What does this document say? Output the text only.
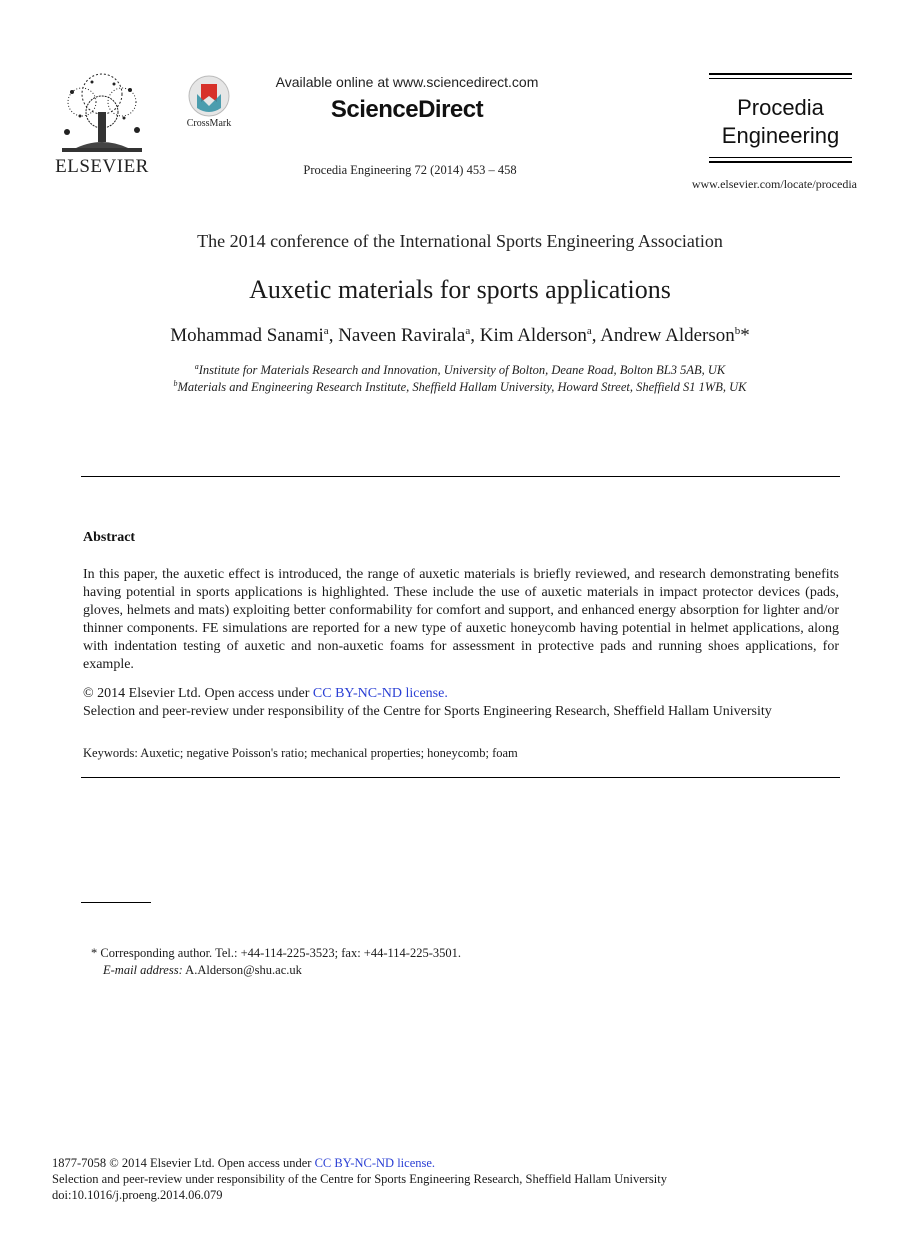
ELSEVIER
CrossMark
Available online at www.sciencedirect.com
ScienceDirect
Procedia Engineering 72 (2014) 453 – 458
Procedia
Engineering
www.elsevier.com/locate/procedia
The 2014 conference of the International Sports Engineering Association
Auxetic materials for sports applications
Mohammad Sanami$^a$, Naveen Ravirala$^a$, Kim Alderson$^a$, Andrew Alderson$^b$*
$^a$Institute for Materials Research and Innovation, University of Bolton, Deane Road, Bolton BL3 5AB, UK
$^b$Materials and Engineering Research Institute, Sheffield Hallam University, Howard Street, Sheffield S1 1WB, UK
Abstract
In this paper, the auxetic effect is introduced, the range of auxetic materials is briefly reviewed, and research demonstrating benefits having potential in sports applications is highlighted. These include the use of auxetic materials in impact protector devices (pads, gloves, helmets and mats) exploiting better conformability for comfort and support, and enhanced energy absorption for lighter and/or thinner components. FE simulations are reported for a new type of auxetic honeycomb having potential in helmet applications, along with indentation testing of auxetic and non-auxetic foams for assessment in protective pads and running shoes applications, for example.
© 2014 Elsevier Ltd. Open access under CC BY-NC-ND license.
Selection and peer-review under responsibility of the Centre for Sports Engineering Research, Sheffield Hallam University
Keywords: Auxetic; negative Poisson's ratio; mechanical properties; honeycomb; foam
* Corresponding author. Tel.: +44-114-225-3523; fax: +44-114-225-3501.
E-mail address: A.Alderson@shu.ac.uk
1877-7058 © 2014 Elsevier Ltd. Open access under CC BY-NC-ND license.
Selection and peer-review under responsibility of the Centre for Sports Engineering Research, Sheffield Hallam University
doi:10.1016/j.proeng.2014.06.079
